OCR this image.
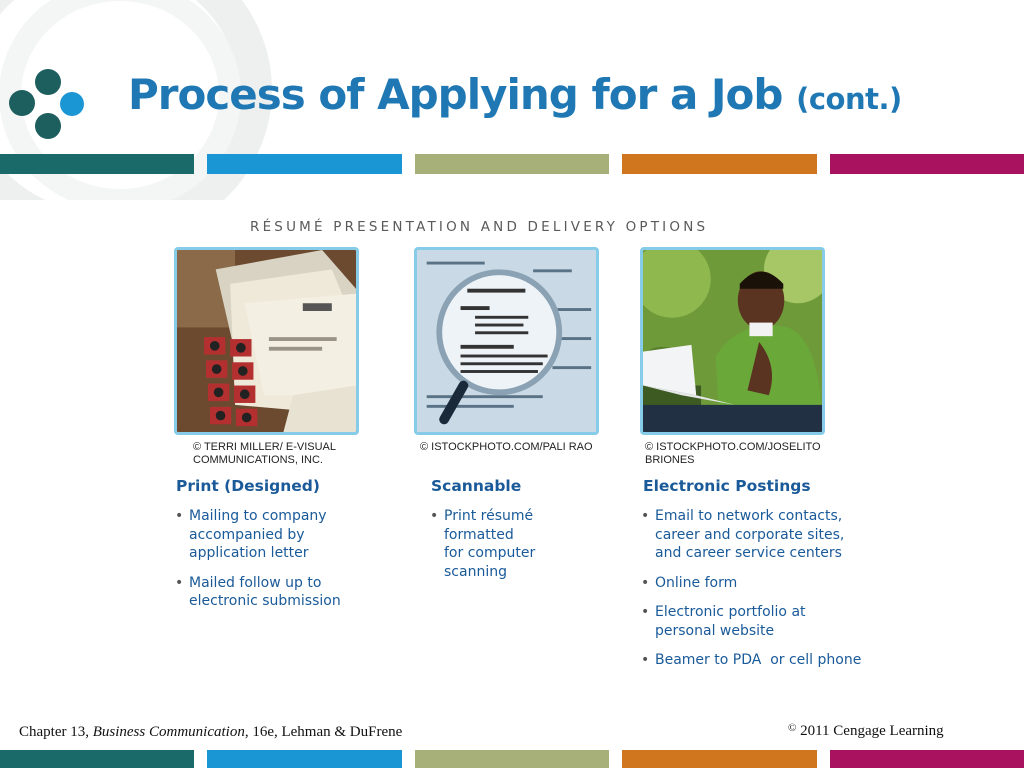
Process of Applying for a Job (cont.)
RÉSUMÉ PRESENTATION AND DELIVERY OPTIONS
© TERRI MILLER/ E-VISUAL
COMMUNICATIONS, INC.
© ISTOCKPHOTO.COM/PALI RAO	© ISTOCKPHOTO.COM/JOSELITO
BRIONES
Print (Designed)	Scannable	Electronic Postings
• Mailing to company
accompanied by
application letter
• Mailed follow up to
electronic submission
• Print résumé
formatted
for computer
scanning
• Email to network contacts,
career and corporate sites,
and career service centers
• Online form
• Electronic portfolio at
personal website
• Beamer to PDA  or cell phone
Chapter 13, Business Communication, 16e, Lehman & DuFrene	© 2011 Cengage Learning
